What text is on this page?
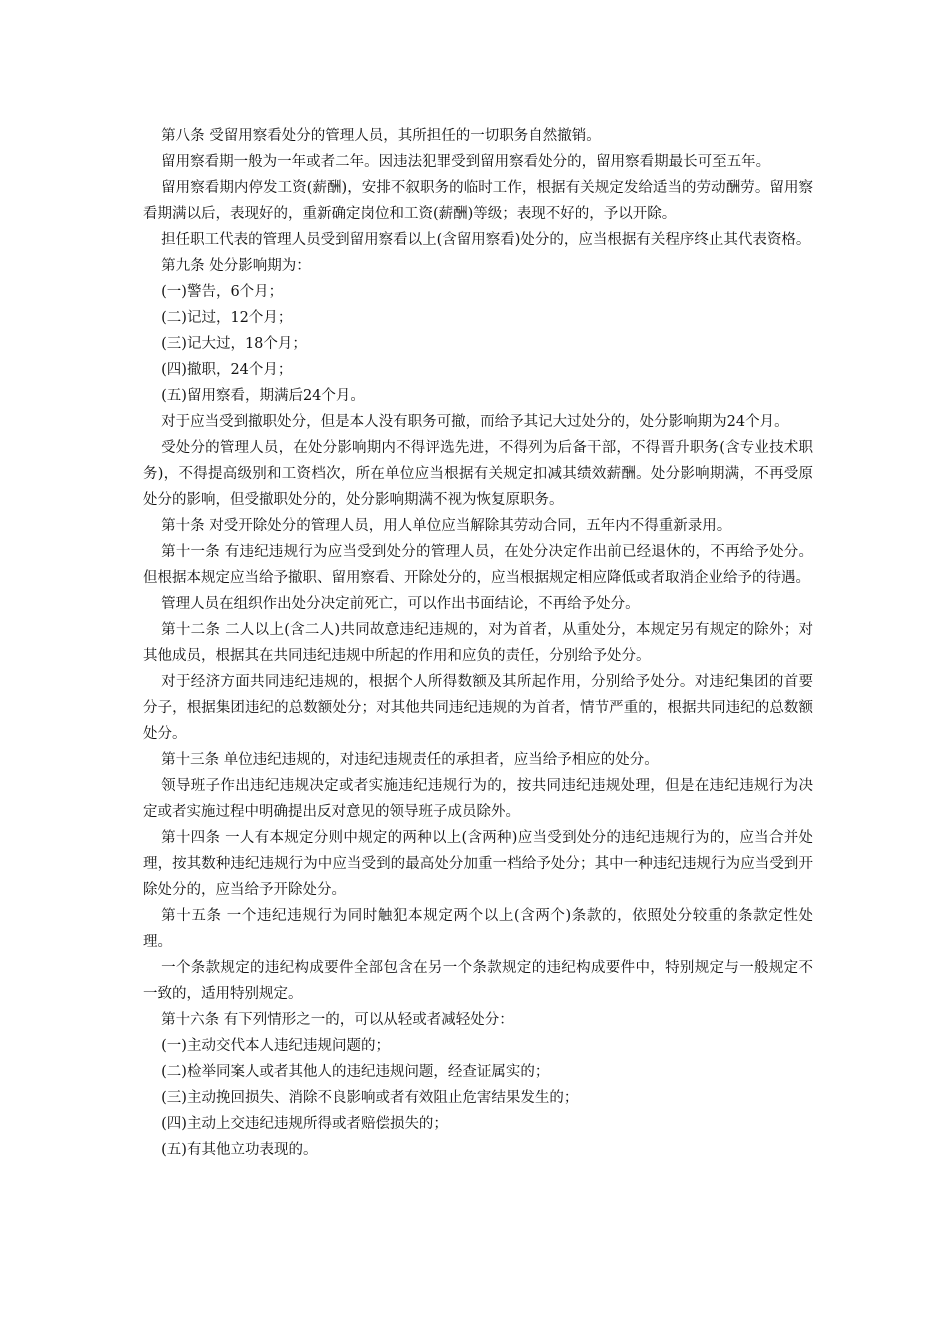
第八条 受留用察看处分的管理人员，其所担任的一切职务自然撤销。

留用察看期一般为一年或者二年。因违法犯罪受到留用察看处分的，留用察看期最长可至五年。

留用察看期内停发工资(薪酬)，安排不叙职务的临时工作，根据有关规定发给适当的劳动酬劳。留用察看期满以后，表现好的，重新确定岗位和工资(薪酬)等级；表现不好的，予以开除。

担任职工代表的管理人员受到留用察看以上(含留用察看)处分的，应当根据有关程序终止其代表资格。

第九条 处分影响期为：

(一)警告，6个月；

(二)记过，12个月；

(三)记大过，18个月；

(四)撤职，24个月；

(五)留用察看，期满后24个月。

对于应当受到撤职处分，但是本人没有职务可撤，而给予其记大过处分的，处分影响期为24个月。

受处分的管理人员，在处分影响期内不得评选先进，不得列为后备干部，不得晋升职务(含专业技术职务)，不得提高级别和工资档次，所在单位应当根据有关规定扣减其绩效薪酬。处分影响期满，不再受原处分的影响，但受撤职处分的，处分影响期满不视为恢复原职务。

第十条 对受开除处分的管理人员，用人单位应当解除其劳动合同，五年内不得重新录用。

第十一条 有违纪违规行为应当受到处分的管理人员，在处分决定作出前已经退休的，不再给予处分。但根据本规定应当给予撤职、留用察看、开除处分的，应当根据规定相应降低或者取消企业给予的待遇。

管理人员在组织作出处分决定前死亡，可以作出书面结论，不再给予处分。

第十二条 二人以上(含二人)共同故意违纪违规的，对为首者，从重处分，本规定另有规定的除外；对其他成员，根据其在共同违纪违规中所起的作用和应负的责任，分别给予处分。

对于经济方面共同违纪违规的，根据个人所得数额及其所起作用，分别给予处分。对违纪集团的首要分子，根据集团违纪的总数额处分；对其他共同违纪违规的为首者，情节严重的，根据共同违纪的总数额处分。

第十三条 单位违纪违规的，对违纪违规责任的承担者，应当给予相应的处分。

领导班子作出违纪违规决定或者实施违纪违规行为的，按共同违纪违规处理，但是在违纪违规行为决定或者实施过程中明确提出反对意见的领导班子成员除外。

第十四条 一人有本规定分则中规定的两种以上(含两种)应当受到处分的违纪违规行为的，应当合并处理，按其数种违纪违规行为中应当受到的最高处分加重一档给予处分；其中一种违纪违规行为应当受到开除处分的，应当给予开除处分。

第十五条 一个违纪违规行为同时触犯本规定两个以上(含两个)条款的，依照处分较重的条款定性处理。

一个条款规定的违纪构成要件全部包含在另一个条款规定的违纪构成要件中，特别规定与一般规定不一致的，适用特别规定。

第十六条 有下列情形之一的，可以从轻或者减轻处分：

(一)主动交代本人违纪违规问题的；

(二)检举同案人或者其他人的违纪违规问题，经查证属实的；

(三)主动挽回损失、消除不良影响或者有效阻止危害结果发生的；

(四)主动上交违纪违规所得或者赔偿损失的；

(五)有其他立功表现的。
